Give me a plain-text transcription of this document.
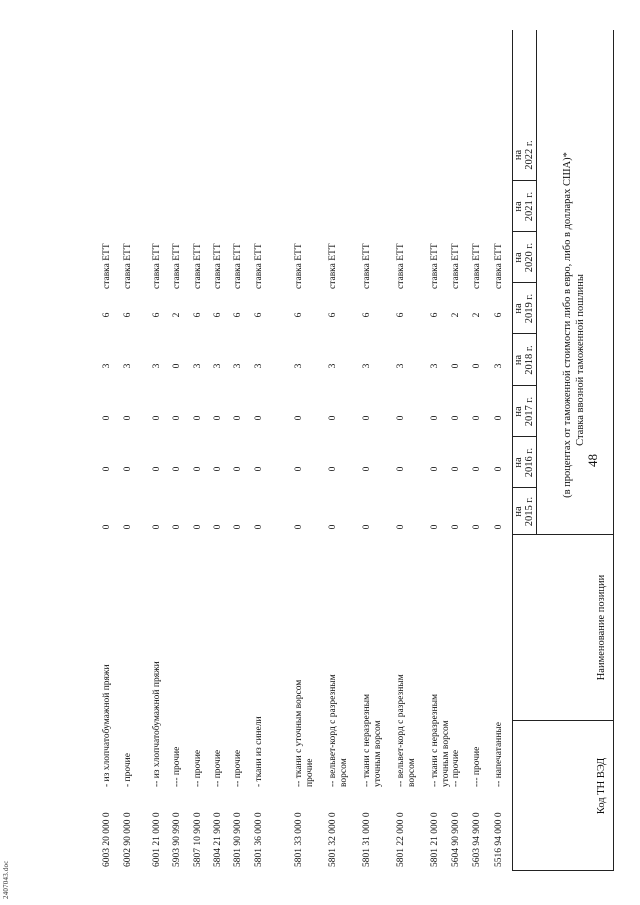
2407043.doc
48
Код ТН ВЭД
Наименование позиции
Ставка ввозной таможенной пошлины
(в процентах от таможенной стоимости либо в евро, либо в долларах США)*
на 2015 г.
на 2016 г.
на 2017 г.
на 2018 г.
на 2019 г.
на 2020 г.
на 2021 г.
на 2022 г.
5516 94 000 0
-- напечатанные
0
0
0
3
6
ставка ЕТТ
5603 94 900 0
--- прочие
0
0
0
0
2
ставка ЕТТ
5604 90 900 0
-- прочие
0
0
0
0
2
ставка ЕТТ
5801 21 000 0
-- ткани с неразрезным уточным ворсом
0
0
0
3
6
ставка ЕТТ
5801 22 000 0
-- вельвет-корд с разрезным ворсом
0
0
0
3
6
ставка ЕТТ
5801 31 000 0
-- ткани с неразрезным уточным ворсом
0
0
0
3
6
ставка ЕТТ
5801 32 000 0
-- вельвет-корд с разрезным ворсом
0
0
0
3
6
ставка ЕТТ
5801 33 000 0
-- ткани с уточным ворсом прочие
0
0
0
3
6
ставка ЕТТ
5801 36 000 0
- ткани из синели
0
0
0
3
6
ставка ЕТТ
5801 90 900 0
-- прочие
0
0
0
3
6
ставка ЕТТ
5804 21 900 0
-- прочие
0
0
0
3
6
ставка ЕТТ
5807 10 900 0
-- прочие
0
0
0
3
6
ставка ЕТТ
5903 90 990 0
--- прочие
0
0
0
0
2
ставка ЕТТ
6001 21 000 0
-- из хлопчатобумажной пряжи
0
0
0
3
6
ставка ЕТТ
6002 90 000 0
- прочие
0
0
0
3
6
ставка ЕТТ
6003 20 000 0
- из хлопчатобумажной пряжи
0
0
0
3
6
ставка ЕТТ
